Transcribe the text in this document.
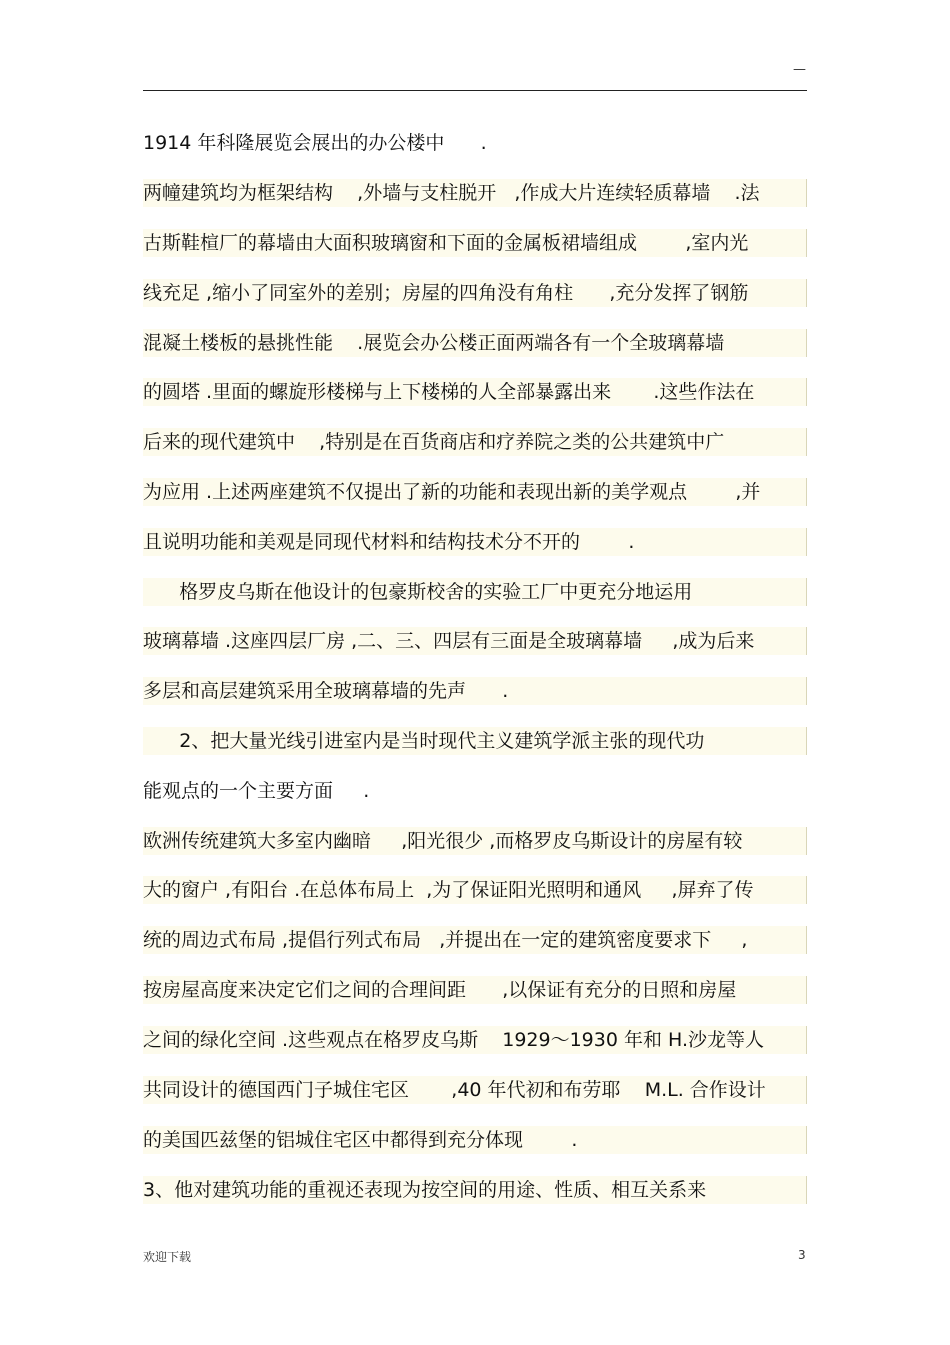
—
1914 年科隆展览会展出的办公楼中      .
两幢建筑均为框架结构    ,外墙与支柱脱开   ,作成大片连续轻质幕墙    .法
古斯鞋楦厂的幕墙由大面积玻璃窗和下面的金属板裙墙组成        ,室内光
线充足 ,缩小了同室外的差别；房屋的四角没有角柱      ,充分发挥了钢筋
混凝土楼板的悬挑性能    .展览会办公楼正面两端各有一个全玻璃幕墙
的圆塔 .里面的螺旋形楼梯与上下楼梯的人全部暴露出来       .这些作法在
后来的现代建筑中    ,特别是在百货商店和疗养院之类的公共建筑中广
为应用 .上述两座建筑不仅提出了新的功能和表现出新的美学观点        ,并
且说明功能和美观是同现代材料和结构技术分不开的        .
格罗皮乌斯在他设计的包豪斯校舍的实验工厂中更充分地运用
玻璃幕墙 .这座四层厂房 ,二、三、四层有三面是全玻璃幕墙     ,成为后来
多层和高层建筑采用全玻璃幕墙的先声      .
2、把大量光线引进室内是当时现代主义建筑学派主张的现代功
能观点的一个主要方面     .
欧洲传统建筑大多室内幽暗     ,阳光很少 ,而格罗皮乌斯设计的房屋有较
大的窗户 ,有阳台 .在总体布局上  ,为了保证阳光照明和通风     ,屏弃了传
统的周边式布局 ,提倡行列式布局   ,并提出在一定的建筑密度要求下     ,
按房屋高度来决定它们之间的合理间距      ,以保证有充分的日照和房屋
之间的绿化空间 .这些观点在格罗皮乌斯    1929～1930 年和 H.沙龙等人
共同设计的德国西门子城住宅区       ,40 年代初和布劳耶    M.L. 合作设计
的美国匹兹堡的铝城住宅区中都得到充分体现        .
3、他对建筑功能的重视还表现为按空间的用途、性质、相互关系来
欢迎下载	3
